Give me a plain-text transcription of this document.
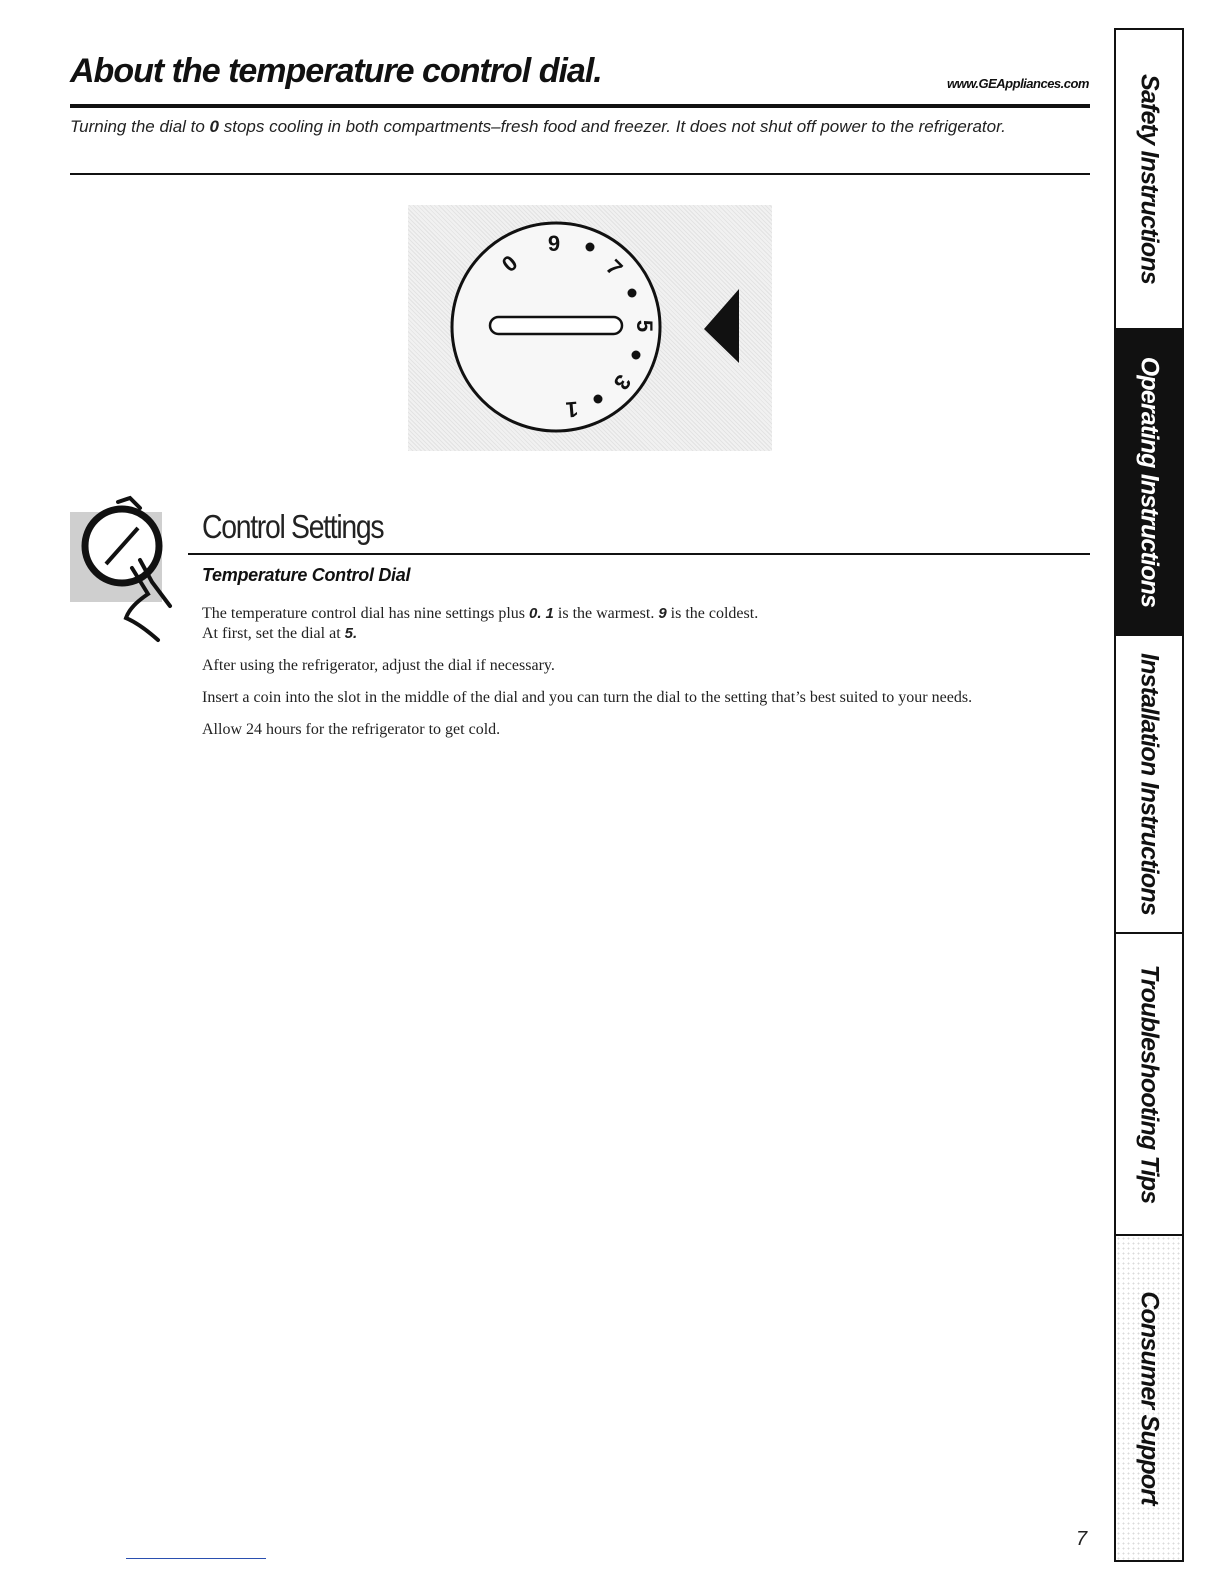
About the temperature control dial.	www.GEAppliances.com
Turning the dial to 0 stops cooling in both compartments–fresh food and freezer. It does not shut off power to the refrigerator.
0
9
7
5
3
1
Control Settings
Temperature Control Dial

The temperature control dial has nine settings plus 0. 1 is the warmest. 9 is the coldest.
At first, set the dial at 5.

After using the refrigerator, adjust the dial if necessary.

Insert a coin into the slot in the middle of the dial and you can turn the dial to the setting that’s best suited to your needs.

Allow 24 hours for the refrigerator to get cold.

7
Safety Instructions
Operating Instructions
Installation Instructions
Troubleshooting Tips
Consumer Support
